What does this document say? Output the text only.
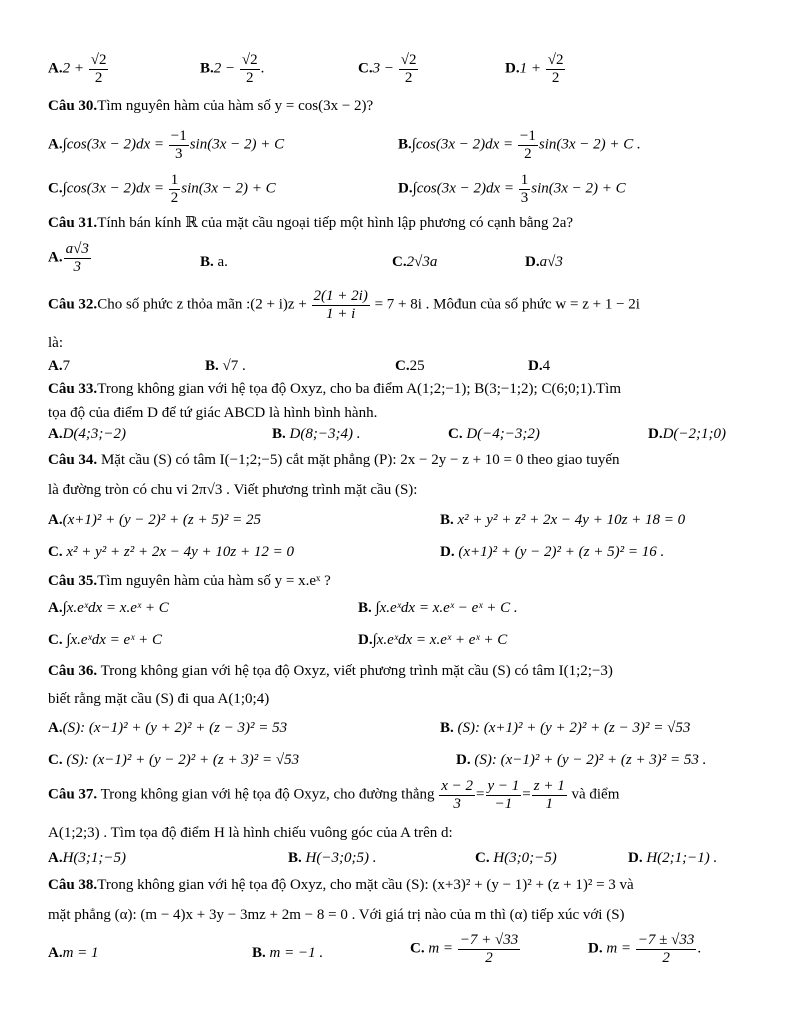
$A.2 + \frac{√2}{2}$	$B.2 - \frac{√2}{2}$ .	$C.3 - \frac{√2}{2}$	$D.1 + \frac{√2}{2}$
Câu 30.Tìm nguyên hàm của hàm số y = cos(3x − 2)?
$A.\int\cos(3x - 2)dx = \frac{-1}{3} \sin(3x - 2) + C$	$B.\int\cos(3x - 2)dx = \frac{-1}{2} \sin(3x - 2) + C$ .
$C.\int\cos(3x - 2)dx = \frac{1}{2} \sin(3x - 2) + C$	$D.\int\cos(3x - 2)dx = \frac{1}{3} \sin(3x - 2) + C$
Câu 31.Tính bán kính ℝ của mặt cầu ngoại tiếp một hình lập phương có cạnh bằng 2a?
A. $\frac{a√3}{3}$	B. a.	C.2√3a	D.a√3
Câu 32.Cho số phức z thỏa mãn :(2 + $i)z + \frac{2(1 + 2i)}{1 + i} = 7 + 8i$ . Môđun của số phức w = z + 1 − 2i
là:
A.7	B. √7 .	C.25	D.4
Câu 33.Trong không gian với hệ tọa độ Oxyz, cho ba điểm A(1;2;−1); B(3;−1;2); C(6;0;1).Tìm
tọa độ của điểm D để tứ giác ABCD là hình bình hành.
A.D(4;3;−2)	B. D(8;−3;4) .	C. D(−4;−3;2)	D.D(−2;1;0)
Câu 34. Mặt cầu (S) có tâm I(−1;2;−5) cắt mặt phẳng (P): 2x − 2y − z + 10 = 0 theo giao tuyến
là đường tròn có chu vi 2π√3 . Viết phương trình mặt cầu (S):
A.(x+1)² + (y − 2)² + (z + 5)² = 25	B. x² + y² + z² + 2x − 4y + 10z + 18 = 0
C. x² + y² + z² + 2x − 4y + 10z + 12 = 0	D. (x+1)² + (y − 2)² + (z + 5)² = 16 .
Câu 35.Tìm nguyên hàm của hàm số y = x.eˣ ?
A.∫x.eˣdx = x.eˣ + C	B. ∫x.eˣdx = x.eˣ − eˣ + C .
C. ∫x.eˣdx = eˣ + C	D.∫x.eˣdx = x.eˣ + eˣ + C
Câu 36. Trong không gian với hệ tọa độ Oxyz, viết phương trình mặt cầu (S) có tâm I(1;2;−3)
biết rằng mặt cầu (S) đi qua A(1;0;4)
A.(S): (x−1)² + (y + 2)² + (z − 3)² = 53	B. (S): (x+1)² + (y + 2)² + (z − 3)² = √53
C. (S): (x−1)² + (y − 2)² + (z + 3)² = √53	D. (S): (x−1)² + (y − 2)² + (z + 3)² = 53 .
Câu 37. Trong không gian với hệ tọa độ Oxyz, cho đường thẳng $\frac{x - 2}{3} = \frac{y - 1}{-1} = \frac{z + 1}{1}$ và điểm
A(1;2;3) . Tìm tọa độ điểm H là hình chiếu vuông góc của A trên d:
A.H(3;1;−5)	B. H(−3;0;5) .	C. H(3;0;−5)	D. H(2;1;−1) .
Câu 38.Trong không gian với hệ tọa độ Oxyz, cho mặt cầu (S): (x+3)² + (y − 1)² + (z + 1)² = 3 và
mặt phẳng (α): (m − 4)x + 3y − 3mz + 2m − 8 = 0 . Với giá trị nào của m thì (α) tiếp xúc với (S)
A.m = 1	B. m = −1 .	C. $m = \frac{-7 + √33}{2}$	D. $m = \frac{-7 \pm √33}{2}$ .
